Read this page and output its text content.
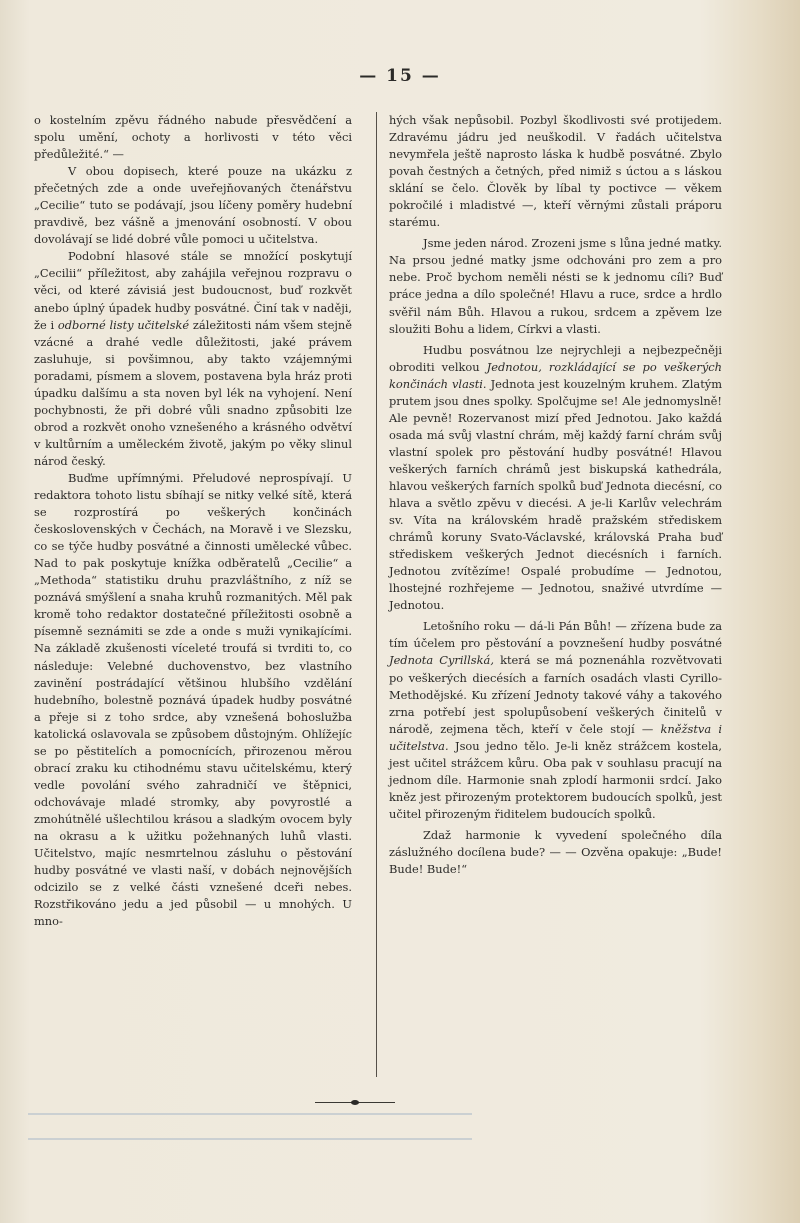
— 15 —

o kostelním zpěvu řádného nabude přesvědčení a spolu umění, ochoty a horlivosti v této věci předůležité.“ —

V obou dopisech, které pouze na ukázku z přečetných zde a onde uveřejňovaných čtenářstvu „Cecilie“ tuto se podávají, jsou líčeny poměry hudební pravdivě, bez vášně a jmenování osobností. V obou dovolávají se lidé dobré vůle pomoci u učitelstva.

Podobní hlasové stále se množící poskytují „Cecilii“ příležitost, aby zahájila veřejnou rozpravu o věci, od které závisiá jest budoucnost, buď rozkvět anebo úplný úpadek hudby posvátné. Činí tak v naději, že i odborné listy učitelské záležitosti nám všem stejně vzácné a drahé vedle důležitosti, jaké právem zasluhuje, si povšimnou, aby takto vzájemnými poradami, písmem a slovem, postavena byla hráz proti úpadku dalšímu a sta noven byl lék na vyhojení. Není pochybnosti, že při dobré vůli snadno způsobiti lze obrod a rozkvět onoho vznešeného a krásného odvětví v kultůrním a uměleckém životě, jakým po věky slinul národ český.

Buďme upřímnými. Přeludové neprospívají. U redaktora tohoto listu sbíhají se nitky velké sítě, která se rozprostírá po veškerých končinách československých v Čechách, na Moravě i ve Slezsku, co se týče hudby posvátné a činnosti umělecké vůbec. Nad to pak poskytuje knížka odběratelů „Cecilie“ a „Methoda“ statistiku druhu prazvláštního, z níž se poznává smýšlení a snaha kruhů rozmanitých. Měl pak kromě toho redaktor dostatečné příležitosti osobně a písemně seznámiti se zde a onde s muži vynikajícími. Na základě zkušenosti víceleté troufá si tvrditi to, co následuje: Velebné duchovenstvo, bez vlastního zavinění postrádající většinou hlubšího vzdělání hudebního, bolestně poznává úpadek hudby posvátné a přeje si z toho srdce, aby vznešená bohoslužba katolická oslavovala se způsobem důstojným. Ohlížejíc se po pěstitelích a pomocnících, přirozenou měrou obrací zraku ku ctihodnému stavu učitelskému, který vedle povolání svého zahradničí ve štěpnici, odchovávaje mladé stromky, aby povyrostlé a zmohútnělé ušlechtilou krásou a sladkým ovocem byly na okrasu a k užitku požehnaných luhů vlasti. Učitelstvo, majíc nesmrtelnou zásluhu o pěstování hudby posvátné ve vlasti naší, v dobách nejnovějších odcizilo se z velké části vznešené dceři nebes. Rozstřikováno jedu a jed působil — u mnohých. U mno-

hých však nepůsobil. Pozbyl škodlivosti své protijedem. Zdravému jádru jed neuškodil. V řadách učitelstva nevymřela ještě naprosto láska k hudbě posvátné. Zbylo povah čestných a četných, před nimiž s úctou a s láskou sklání se čelo. Člověk by líbal ty poctivce — věkem pokročilé i mladistvé —, kteří věrnými zůstali práporu starému.

Jsme jeden národ. Zrozeni jsme s lůna jedné matky. Na prsou jedné matky jsme odchováni pro zem a pro nebe. Proč bychom neměli nésti se k jednomu cíli? Buď práce jedna a dílo společné! Hlavu a ruce, srdce a hrdlo svěřil nám Bůh. Hlavou a rukou, srdcem a zpěvem lze sloužiti Bohu a lidem, Církvi a vlasti.

Hudbu posvátnou lze nejrychleji a nejbezpečněji obroditi velkou Jednotou, rozkládající se po veškerých končinách vlasti. Jednota jest kouzelným kruhem. Zlatým prutem jsou dnes spolky. Spolčujme se! Ale jednomyslně! Ale pevně! Rozervanost mizí před Jednotou. Jako každá osada má svůj vlastní chrám, měj každý farní chrám svůj vlastní spolek pro pěstování hudby posvátné! Hlavou veškerých farních chrámů jest biskupská kathedrála, hlavou veškerých farních spolků buď Jednota diecésní, co hlava a světlo zpěvu v diecési. A je-li Karlův velechrám sv. Víta na královském hradě pražském střediskem chrámů koruny Svato-Václavské, královská Praha buď střediskem veškerých Jednot diecésních i farních. Jednotou zvítězíme! Ospalé probudíme — Jednotou, lhostejné rozhřejeme — Jednotou, snaživé utvrdíme — Jednotou.

Letošního roku — dá-li Pán Bůh! — zřízena bude za tím účelem pro pěstování a povznešení hudby posvátné Jednota Cyrillská, která se má poznenáhla rozvětvovati po veškerých diecésích a farních osadách vlasti Cyrillo-Methodějské. Ku zřízení Jednoty takové váhy a takového zrna potřebí jest spolupůsobení veškerých činitelů v národě, zejmena těch, kteří v čele stojí — kněžstva i učitelstva. Jsou jedno tělo. Je-li kněz strážcem kostela, jest učitel strážcem kůru. Oba pak v souhlasu pracují na jednom díle. Harmonie snah zplodí harmonii srdcí. Jako kněz jest přirozeným protektorem budoucích spolků, jest učitel přirozeným řiditelem budoucích spolků.

Zdaž harmonie k vyvedení společného díla záslužného docílena bude? — — Ozvěna opakuje: „Bude! Bude! Bude!“
